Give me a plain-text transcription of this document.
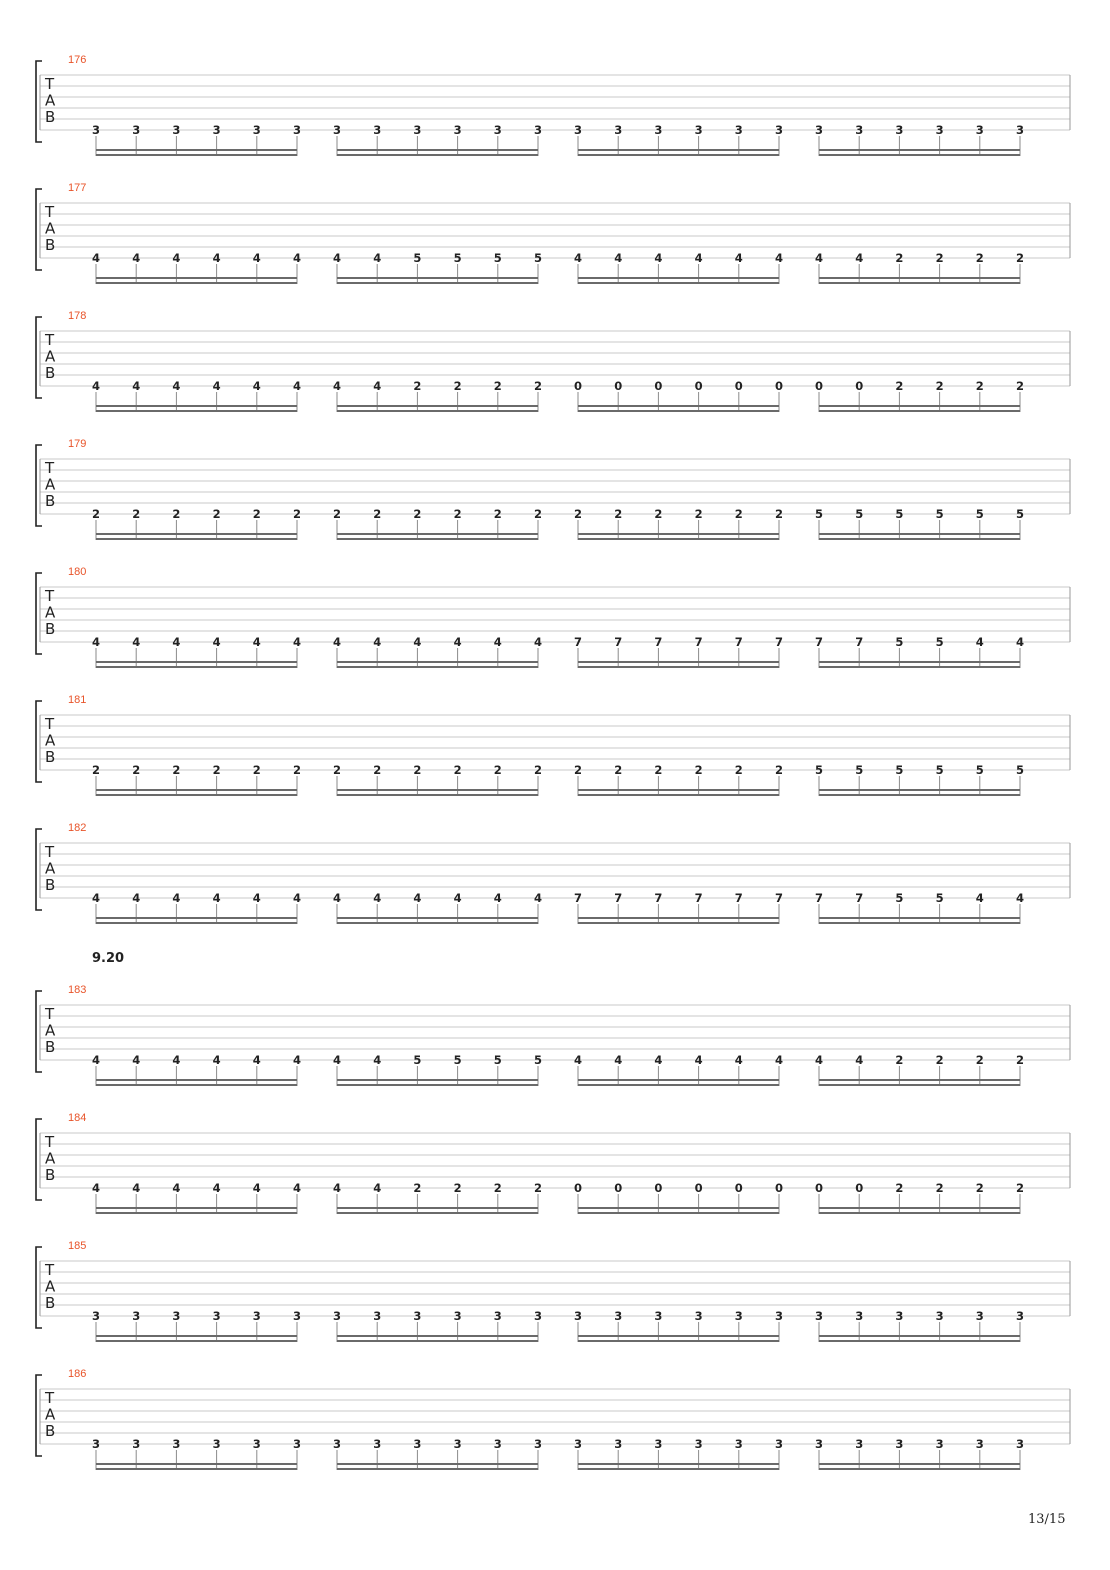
9.20
13/15
176
T
A
B
3	3	3	3	3	3	3	3	3	3	3	3	3	3	3	3	3	3	3	3	3	3	3	3
177
T
A
B
4	4	4	4	4	4	4	4	5	5	5	5	4	4	4	4	4	4	4	4	2	2	2	2
178
T
A
B
4	4	4	4	4	4	4	4	2	2	2	2	0	0	0	0	0	0	0	0	2	2	2	2
179
T
A
B
2	2	2	2	2	2	2	2	2	2	2	2	2	2	2	2	2	2	5	5	5	5	5	5
180
T
A
B
4	4	4	4	4	4	4	4	4	4	4	4	7	7	7	7	7	7	7	7	5	5	4	4
181
T
A
B
2	2	2	2	2	2	2	2	2	2	2	2	2	2	2	2	2	2	5	5	5	5	5	5
182
T
A
B
4	4	4	4	4	4	4	4	4	4	4	4	7	7	7	7	7	7	7	7	5	5	4	4
183
T
A
B
4	4	4	4	4	4	4	4	5	5	5	5	4	4	4	4	4	4	4	4	2	2	2	2
184
T
A
B
4	4	4	4	4	4	4	4	2	2	2	2	0	0	0	0	0	0	0	0	2	2	2	2
185
T
A
B
3	3	3	3	3	3	3	3	3	3	3	3	3	3	3	3	3	3	3	3	3	3	3	3
186
T
A
B
3	3	3	3	3	3	3	3	3	3	3	3	3	3	3	3	3	3	3	3	3	3	3	3
